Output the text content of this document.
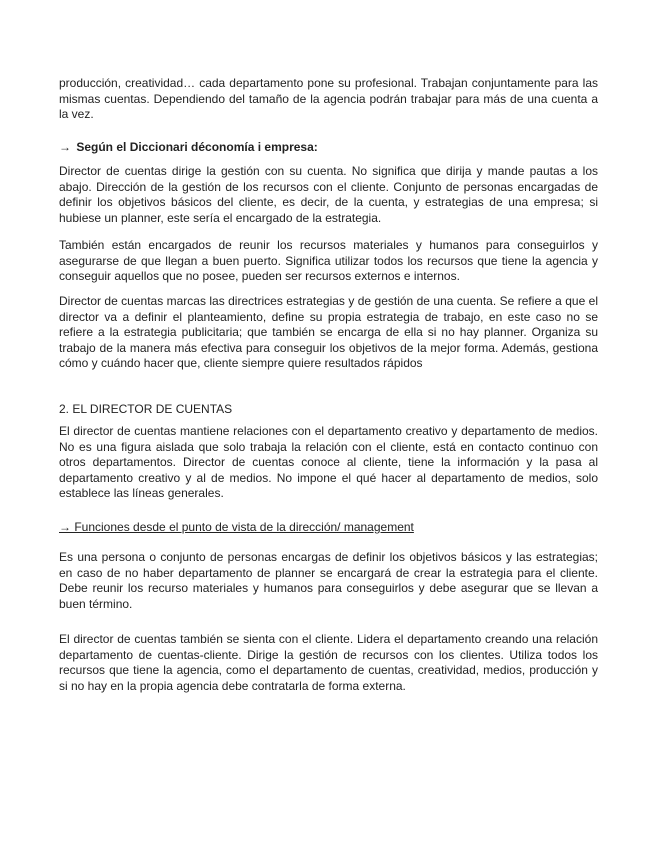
producción, creatividad… cada departamento pone su profesional. Trabajan conjuntamente para las mismas cuentas. Dependiendo del tamaño de la agencia podrán trabajar para más de una cuenta a la vez.

→ Según el Diccionari déconomía i empresa:

Director de cuentas dirige la gestión con su cuenta. No significa que dirija y mande pautas a los abajo. Dirección de la gestión de los recursos con el cliente. Conjunto de personas encargadas de definir los objetivos básicos del cliente, es decir, de la cuenta, y estrategias de una empresa; si hubiese un planner, este sería el encargado de la estrategia.

También están encargados de reunir los recursos materiales y humanos para conseguirlos y asegurarse de que llegan a buen puerto. Significa utilizar todos los recursos que tiene la agencia y conseguir aquellos que no posee, pueden ser recursos externos e internos.

Director de cuentas marcas las directrices estrategias y de gestión de una cuenta. Se refiere a que el director va a definir el planteamiento, define su propia estrategia de trabajo, en este caso no se refiere a la estrategia publicitaria; que también se encarga de ella si no hay planner. Organiza su trabajo de la manera más efectiva para conseguir los objetivos de la mejor forma. Además, gestiona cómo y cuándo hacer que, cliente siempre quiere resultados rápidos

2. EL DIRECTOR DE CUENTAS

El director de cuentas mantiene relaciones con el departamento creativo y departamento de medios. No es una figura aislada que solo trabaja la relación con el cliente, está en contacto continuo con otros departamentos. Director de cuentas conoce al cliente, tiene la información y la pasa al departamento creativo y al de medios. No impone el qué hacer al departamento de medios, solo establece las líneas generales.

→ Funciones desde el punto de vista de la dirección/ management

Es una persona o conjunto de personas encargas de definir los objetivos básicos y las estrategias; en caso de no haber departamento de planner se encargará de crear la estrategia para el cliente. Debe reunir los recurso materiales y humanos para conseguirlos y debe asegurar que se llevan a buen término.

El director de cuentas también se sienta con el cliente. Lidera el departamento creando una relación departamento de cuentas-cliente. Dirige la gestión de recursos con los clientes. Utiliza todos los recursos que tiene la agencia, como el departamento de cuentas, creatividad, medios, producción y si no hay en la propia agencia debe contratarla de forma externa.
